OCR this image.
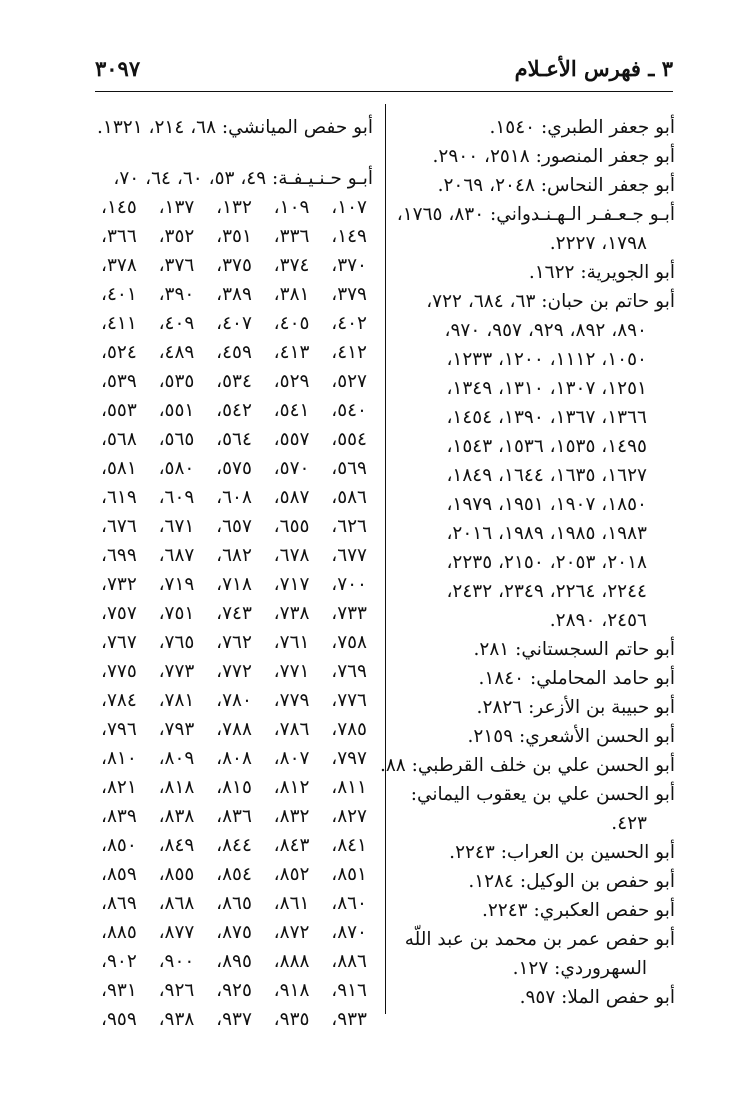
٣ ـ فهرس الأعـلام
٣٠٩٧
أبو جعفر الطبري: ١٥٤٠.
أبو جعفر المنصور: ٢٥١٨، ٢٩٠٠.
أبو جعفر النحاس: ٢٠٤٨، ٢٠٦٩.
أبـو جـعـفـر الـهـنـدواني: ٨٣٠، ١٧٦٥،
١٧٩٨، ٢٢٢٧.
أبو الجويرية: ١٦٢٢.
أبو حاتم بن حبان: ٦٣، ٦٨٤، ٧٢٢،
٨٩٠، ٨٩٢، ٩٢٩، ٩٥٧، ٩٧٠،
١٠٥٠، ١١١٢، ١٢٠٠، ١٢٣٣،
١٢٥١، ١٣٠٧، ١٣١٠، ١٣٤٩،
١٣٦٦، ١٣٦٧، ١٣٩٠، ١٤٥٤،
١٤٩٥، ١٥٣٥، ١٥٣٦، ١٥٤٣،
١٦٢٧، ١٦٣٥، ١٦٤٤، ١٨٤٩،
١٨٥٠، ١٩٠٧، ١٩٥١، ١٩٧٩،
١٩٨٣، ١٩٨٥، ١٩٨٩، ٢٠١٦،
٢٠١٨، ٢٠٥٣، ٢١٥٠، ٢٢٣٥،
٢٢٤٤، ٢٢٦٤، ٢٣٤٩، ٢٤٣٢،
٢٤٥٦، ٢٨٩٠.
أبو حاتم السجستاني: ٢٨١.
أبو حامد المحاملي: ١٨٤٠.
أبو حبيبة بن الأزعر: ٢٨٢٦.
أبو الحسن الأشعري: ٢١٥٩.
أبو الحسن علي بن خلف القرطبي: ٨٨.
أبو الحسن علي بن يعقوب اليماني:
٤٢٣.
أبو الحسين بن العراب: ٢٢٤٣.
أبو حفص بن الوكيل: ١٢٨٤.
أبو حفص العكبري: ٢٢٤٣.
أبو حفص عمر بن محمد بن عبد اللّه
السهروردي: ١٢٧.
أبو حفص الملا: ٩٥٧.
أبو حفص الميانشي: ٦٨، ٢١٤، ١٣٢١.
أبـو حـنـيـفـة: ٤٩، ٥٣، ٦٠، ٦٤، ٧٠،
١٠٧،
١٠٩،
١٣٢،
١٣٧،
١٤٥،
١٤٩،
٣٣٦،
٣٥١،
٣٥٢،
٣٦٦،
٣٧٠،
٣٧٤،
٣٧٥،
٣٧٦،
٣٧٨،
٣٧٩،
٣٨١،
٣٨٩،
٣٩٠،
٤٠١،
٤٠٢،
٤٠٥،
٤٠٧،
٤٠٩،
٤١١،
٤١٢،
٤١٣،
٤٥٩،
٤٨٩،
٥٢٤،
٥٢٧،
٥٢٩،
٥٣٤،
٥٣٥،
٥٣٩،
٥٤٠،
٥٤١،
٥٤٢،
٥٥١،
٥٥٣،
٥٥٤،
٥٥٧،
٥٦٤،
٥٦٥،
٥٦٨،
٥٦٩،
٥٧٠،
٥٧٥،
٥٨٠،
٥٨١،
٥٨٦،
٥٨٧،
٦٠٨،
٦٠٩،
٦١٩،
٦٢٦،
٦٥٥،
٦٥٧،
٦٧١،
٦٧٦،
٦٧٧،
٦٧٨،
٦٨٢،
٦٨٧،
٦٩٩،
٧٠٠،
٧١٧،
٧١٨،
٧١٩،
٧٣٢،
٧٣٣،
٧٣٨،
٧٤٣،
٧٥١،
٧٥٧،
٧٥٨،
٧٦١،
٧٦٢،
٧٦٥،
٧٦٧،
٧٦٩،
٧٧١،
٧٧٢،
٧٧٣،
٧٧٥،
٧٧٦،
٧٧٩،
٧٨٠،
٧٨١،
٧٨٤،
٧٨٥،
٧٨٦،
٧٨٨،
٧٩٣،
٧٩٦،
٧٩٧،
٨٠٧،
٨٠٨،
٨٠٩،
٨١٠،
٨١١،
٨١٢،
٨١٥،
٨١٨،
٨٢١،
٨٢٧،
٨٣٢،
٨٣٦،
٨٣٨،
٨٣٩،
٨٤١،
٨٤٣،
٨٤٤،
٨٤٩،
٨٥٠،
٨٥١،
٨٥٢،
٨٥٤،
٨٥٥،
٨٥٩،
٨٦٠،
٨٦١،
٨٦٥،
٨٦٨،
٨٦٩،
٨٧٠،
٨٧٢،
٨٧٥،
٨٧٧،
٨٨٥،
٨٨٦،
٨٨٨،
٨٩٥،
٩٠٠،
٩٠٢،
٩١٦،
٩١٨،
٩٢٥،
٩٢٦،
٩٣١،
٩٣٣،
٩٣٥،
٩٣٧،
٩٣٨،
٩٥٩،
